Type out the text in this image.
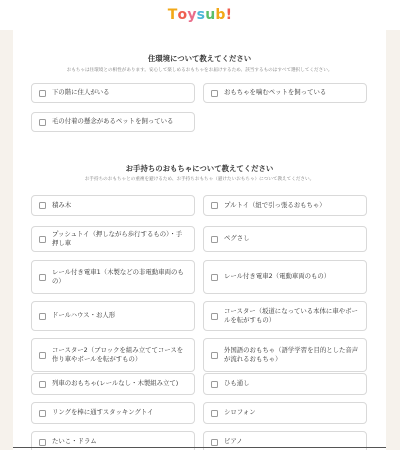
T o y s u b !
住環境について教えてください
おもちゃは住環境との相性があります。安心して楽しめるおもちゃをお届けするため、該当するものはすべて選択してください。
下の階に住人がいる	おもちゃを噛むペットを飼っている
毛の付着の懸念があるペットを飼っている
お手持ちのおもちゃについて教えてください
お手持ちのおもちゃとの重複を避けるため、お手持ちおもちゃ（避けたいおもちゃ）について教えてください。
積み木	プルトイ（紐で引っ張るおもちゃ）
プッシュトイ（押しながら歩行するもの）・手押し車
ペグさし
レール付き電車1（木製などの非電動車両のもの）
レール付き電車2（電動車両のもの）
ドールハウス・お人形
コースター（坂道になっている本体に車やボールを転がすもの）
コースター2（ブロックを組み立ててコースを作り車やボールを転がすもの）
外国語のおもちゃ（語学学習を目的とした音声が流れるおもちゃ）
列車のおもちゃ(レールなし・木製組み立て)	ひも通し
リングを棒に通すスタッキングトイ	シロフォン
たいこ・ドラム	ピアノ
